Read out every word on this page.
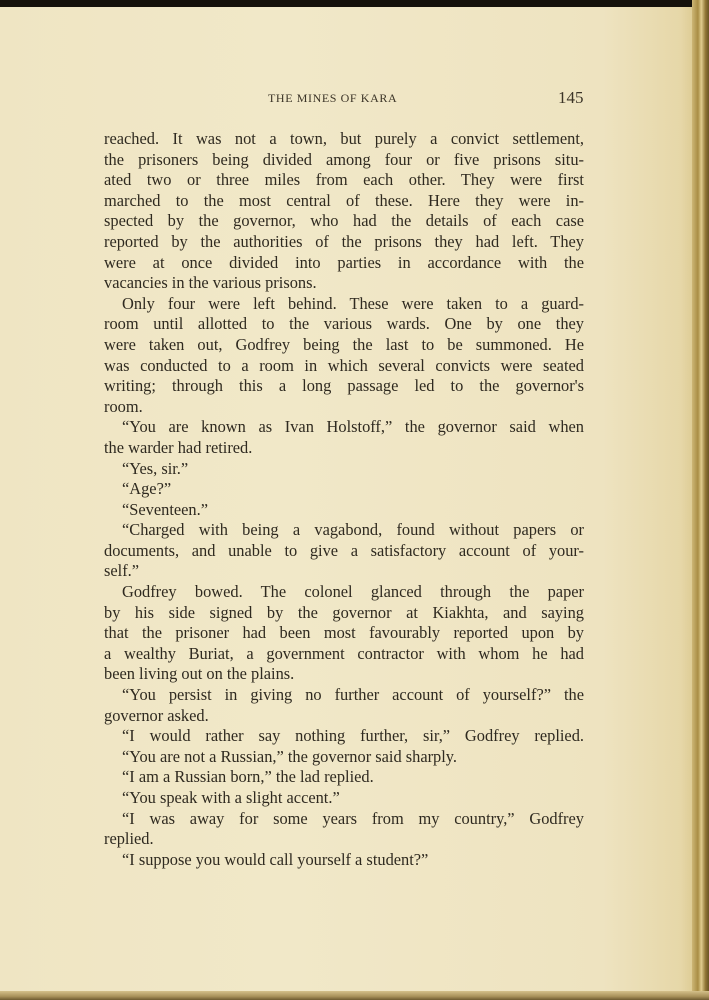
THE MINES OF KARA	145
reached. It was not a town, but purely a convict settlement,
the prisoners being divided among four or five prisons situ-
ated two or three miles from each other. They were first
marched to the most central of these. Here they were in-
spected by the governor, who had the details of each case
reported by the authorities of the prisons they had left. They
were at once divided into parties in accordance with the
vacancies in the various prisons.
Only four were left behind. These were taken to a guard-
room until allotted to the various wards. One by one they
were taken out, Godfrey being the last to be summoned. He
was conducted to a room in which several convicts were seated
writing; through this a long passage led to the governor's
room.
“You are known as Ivan Holstoff,” the governor said when
the warder had retired.
“Yes, sir.”
“Age?”
“Seventeen.”
“Charged with being a vagabond, found without papers or
documents, and unable to give a satisfactory account of your-
self.”
Godfrey bowed. The colonel glanced through the paper
by his side signed by the governor at Kiakhta, and saying
that the prisoner had been most favourably reported upon by
a wealthy Buriat, a government contractor with whom he had
been living out on the plains.
“You persist in giving no further account of yourself?” the
governor asked.
“I would rather say nothing further, sir,” Godfrey replied.
“You are not a Russian,” the governor said sharply.
“I am a Russian born,” the lad replied.
“You speak with a slight accent.”
“I was away for some years from my country,” Godfrey
replied.
“I suppose you would call yourself a student?”
